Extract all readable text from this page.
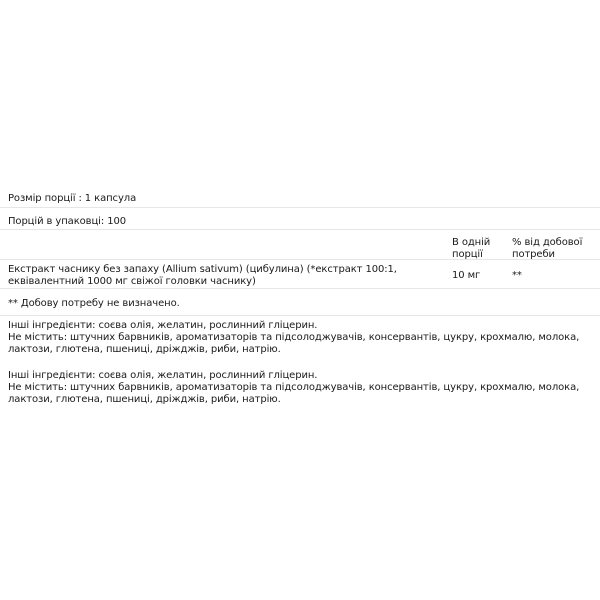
Розмір порції : 1 капсула
Порцій в упаковці: 100
В одній порції
% від добової потреби
Екстракт часнику без запаху (Allium sativum) (цибулина) (*екстракт 100:1, еквівалентний 1000 мг свіжої головки часнику)
10 мг	**
** Добову потребу не визначено.

Інші інгредієнти: соєва олія, желатин, рослинний гліцерин.

Не містить: штучних барвників, ароматизаторів та підсолоджувачів, консервантів, цукру, крохмалю, молока, лактози, глютена, пшениці, дріжджів, риби, натрію.

Інші інгредієнти: соєва олія, желатин, рослинний гліцерин.

Не містить: штучних барвників, ароматизаторів та підсолоджувачів, консервантів, цукру, крохмалю, молока, лактози, глютена, пшениці, дріжджів, риби, натрію.
